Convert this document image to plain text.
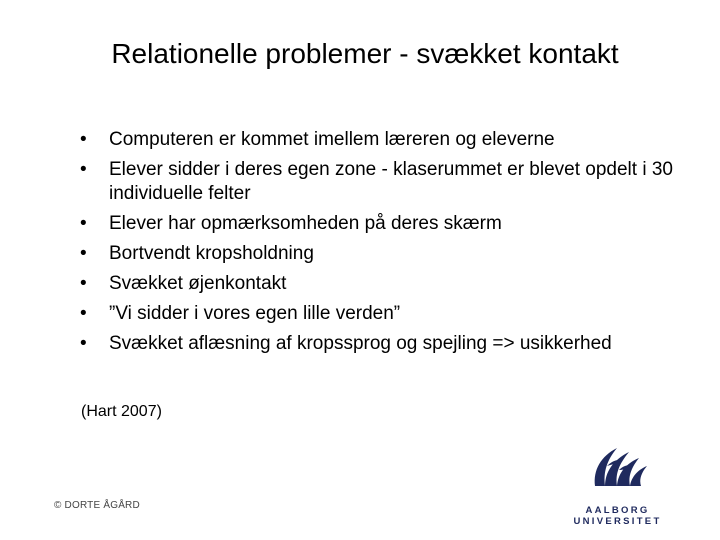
Relationelle problemer - svækket kontakt
• Computeren er kommet imellem læreren og eleverne
• Elever sidder i deres egen zone - klaserummet er blevet opdelt i 30 individuelle felter
• Elever har opmærksomheden på deres skærm
• Bortvendt kropsholdning
• Svækket øjenkontakt
• ”Vi sidder i vores egen lille verden”
• Svækket aflæsning af kropssprog og spejling => usikkerhed
(Hart 2007)
© DORTE ÅGÅRD	AALBORG UNIVERSITET
